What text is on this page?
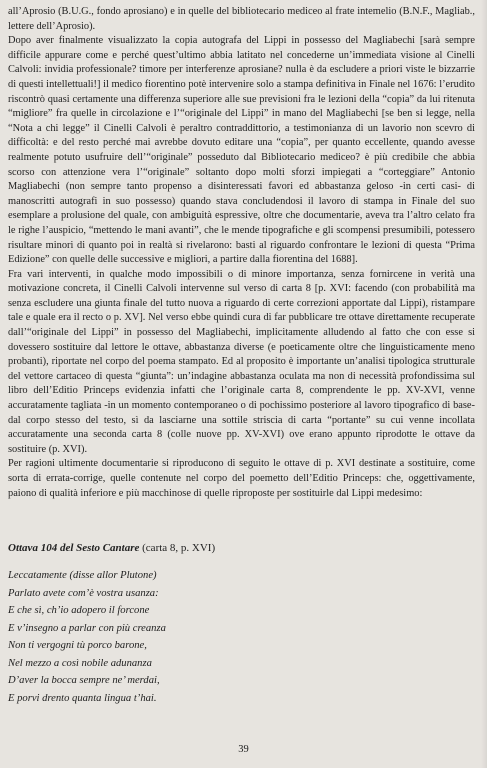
all’Aprosio (B.U.G., fondo aprosiano) e in quelle del bibliotecario mediceo al frate intemelio (B.N.F., Magliab., lettere dell’Aprosio).

Dopo aver finalmente visualizzato la copia autografa del Lippi in possesso del Magliabechi [sarà sempre difficile appurare come e perché quest’ultimo abbia latitato nel concederne un’immediata visione al Cinelli Calvoli: invidia professionale? timore per interferenze aprosiane? nulla è da escludere a priori viste le bizzarrie di questi intellettuali!] il medico fiorentino potè intervenire solo a stampa definitiva in Finale nel 1676: l’erudito riscontrò quasi certamente una differenza superiore alle sue previsioni fra le lezioni della “copia” da lui ritenuta “migliore” fra quelle in circolazione e l’“originale del Lippi” in mano del Magliabechi [se ben si legge, nella “Nota a chi legge” il Cinelli Calvoli è peraltro contraddittorio, a testimonianza di un lavorio non scevro di difficoltà: e del resto perché mai avrebbe dovuto editare una “copia”, per quanto eccellente, quando avesse realmente potuto usufruire dell’“originale” posseduto dal Bibliotecario mediceo? è più credibile che abbia scorso con attenzione vera l’“originale” soltanto dopo molti sforzi impiegati a “corteggiare” Antonio Magliabechi (non sempre tanto propenso a disinteressati favori ed abbastanza geloso -in certi casi- di manoscritti autografi in suo possesso) quando stava concludendosi il lavoro di stampa in Finale del suo esemplare a prolusione del quale, con ambiguità espressive, oltre che documentarie, aveva tra l’altro celato fra le righe l’auspicio, “mettendo le mani avanti”, che le mende tipografiche e gli scompensi presumibili, potessero risultare minori di quanto poi in realtà si rivelarono: basti al riguardo confrontare le lezioni di questa “Prima Edizione” con quelle delle successive e migliori, a partire dalla fiorentina del 1688].

Fra vari interventi, in qualche modo impossibili o di minore importanza, senza fornircene in verità una motivazione concreta, il Cinelli Calvoli intervenne sul verso di carta 8 [p. XVI: facendo (con probabilità ma senza escludere una giunta finale del tutto nuova a riguardo di certe correzioni apportate dal Lippi), ristampare tale e quale era il recto o p. XV]. Nel verso ebbe quindi cura di far pubblicare tre ottave direttamente recuperate dall’“originale del Lippi” in possesso del Magliabechi, implicitamente alludendo al fatto che con esse si dovessero sostituire dal lettore le ottave, abbastanza diverse (e poeticamente oltre che linguisticamente meno probanti), riportate nel corpo del poema stampato. Ed al proposito è importante un’analisi tipologica strutturale del vettore cartaceo di questa “giunta”: un’indagine abbastanza oculata ma non di necessità profondissima sul libro dell’Editio Princeps evidenzia infatti che l’originale carta 8, comprendente le pp. XV-XVI, venne accuratamente tagliata -in un momento contemporaneo o di pochissimo posteriore al lavoro tipografico di base- dal corpo stesso del testo, sì da lasciarne una sottile striscia di carta “portante” su cui venne incollata accuratamente una seconda carta 8 (colle nuove pp. XV-XVI) ove erano appunto riprodotte le ottave da sostituire (p. XVI).

Per ragioni ultimente documentarie si riproducono di seguito le ottave di p. XVI destinate a sostituire, come sorta di errata-corrige, quelle contenute nel corpo del poemetto dell’Editio Princeps: che, oggettivamente, paiono di qualità inferiore e più macchinose di quelle riproposte per sostituirle dal Lippi medesimo:

Ottava 104 del Sesto Cantare (carta 8, p. XVI)
Leccatamente (disse allor Plutone)
Parlato avete com’è vostra usanza:
E che sì, ch’io adopero il forcone
E v’insegno a parlar con più creanza
Non ti vergogni tù porco barone,
Nel mezzo a così nobile adunanza
D’aver la bocca sempre ne’ merdai,
E porvi drento quanta lingua t’hai.
39
